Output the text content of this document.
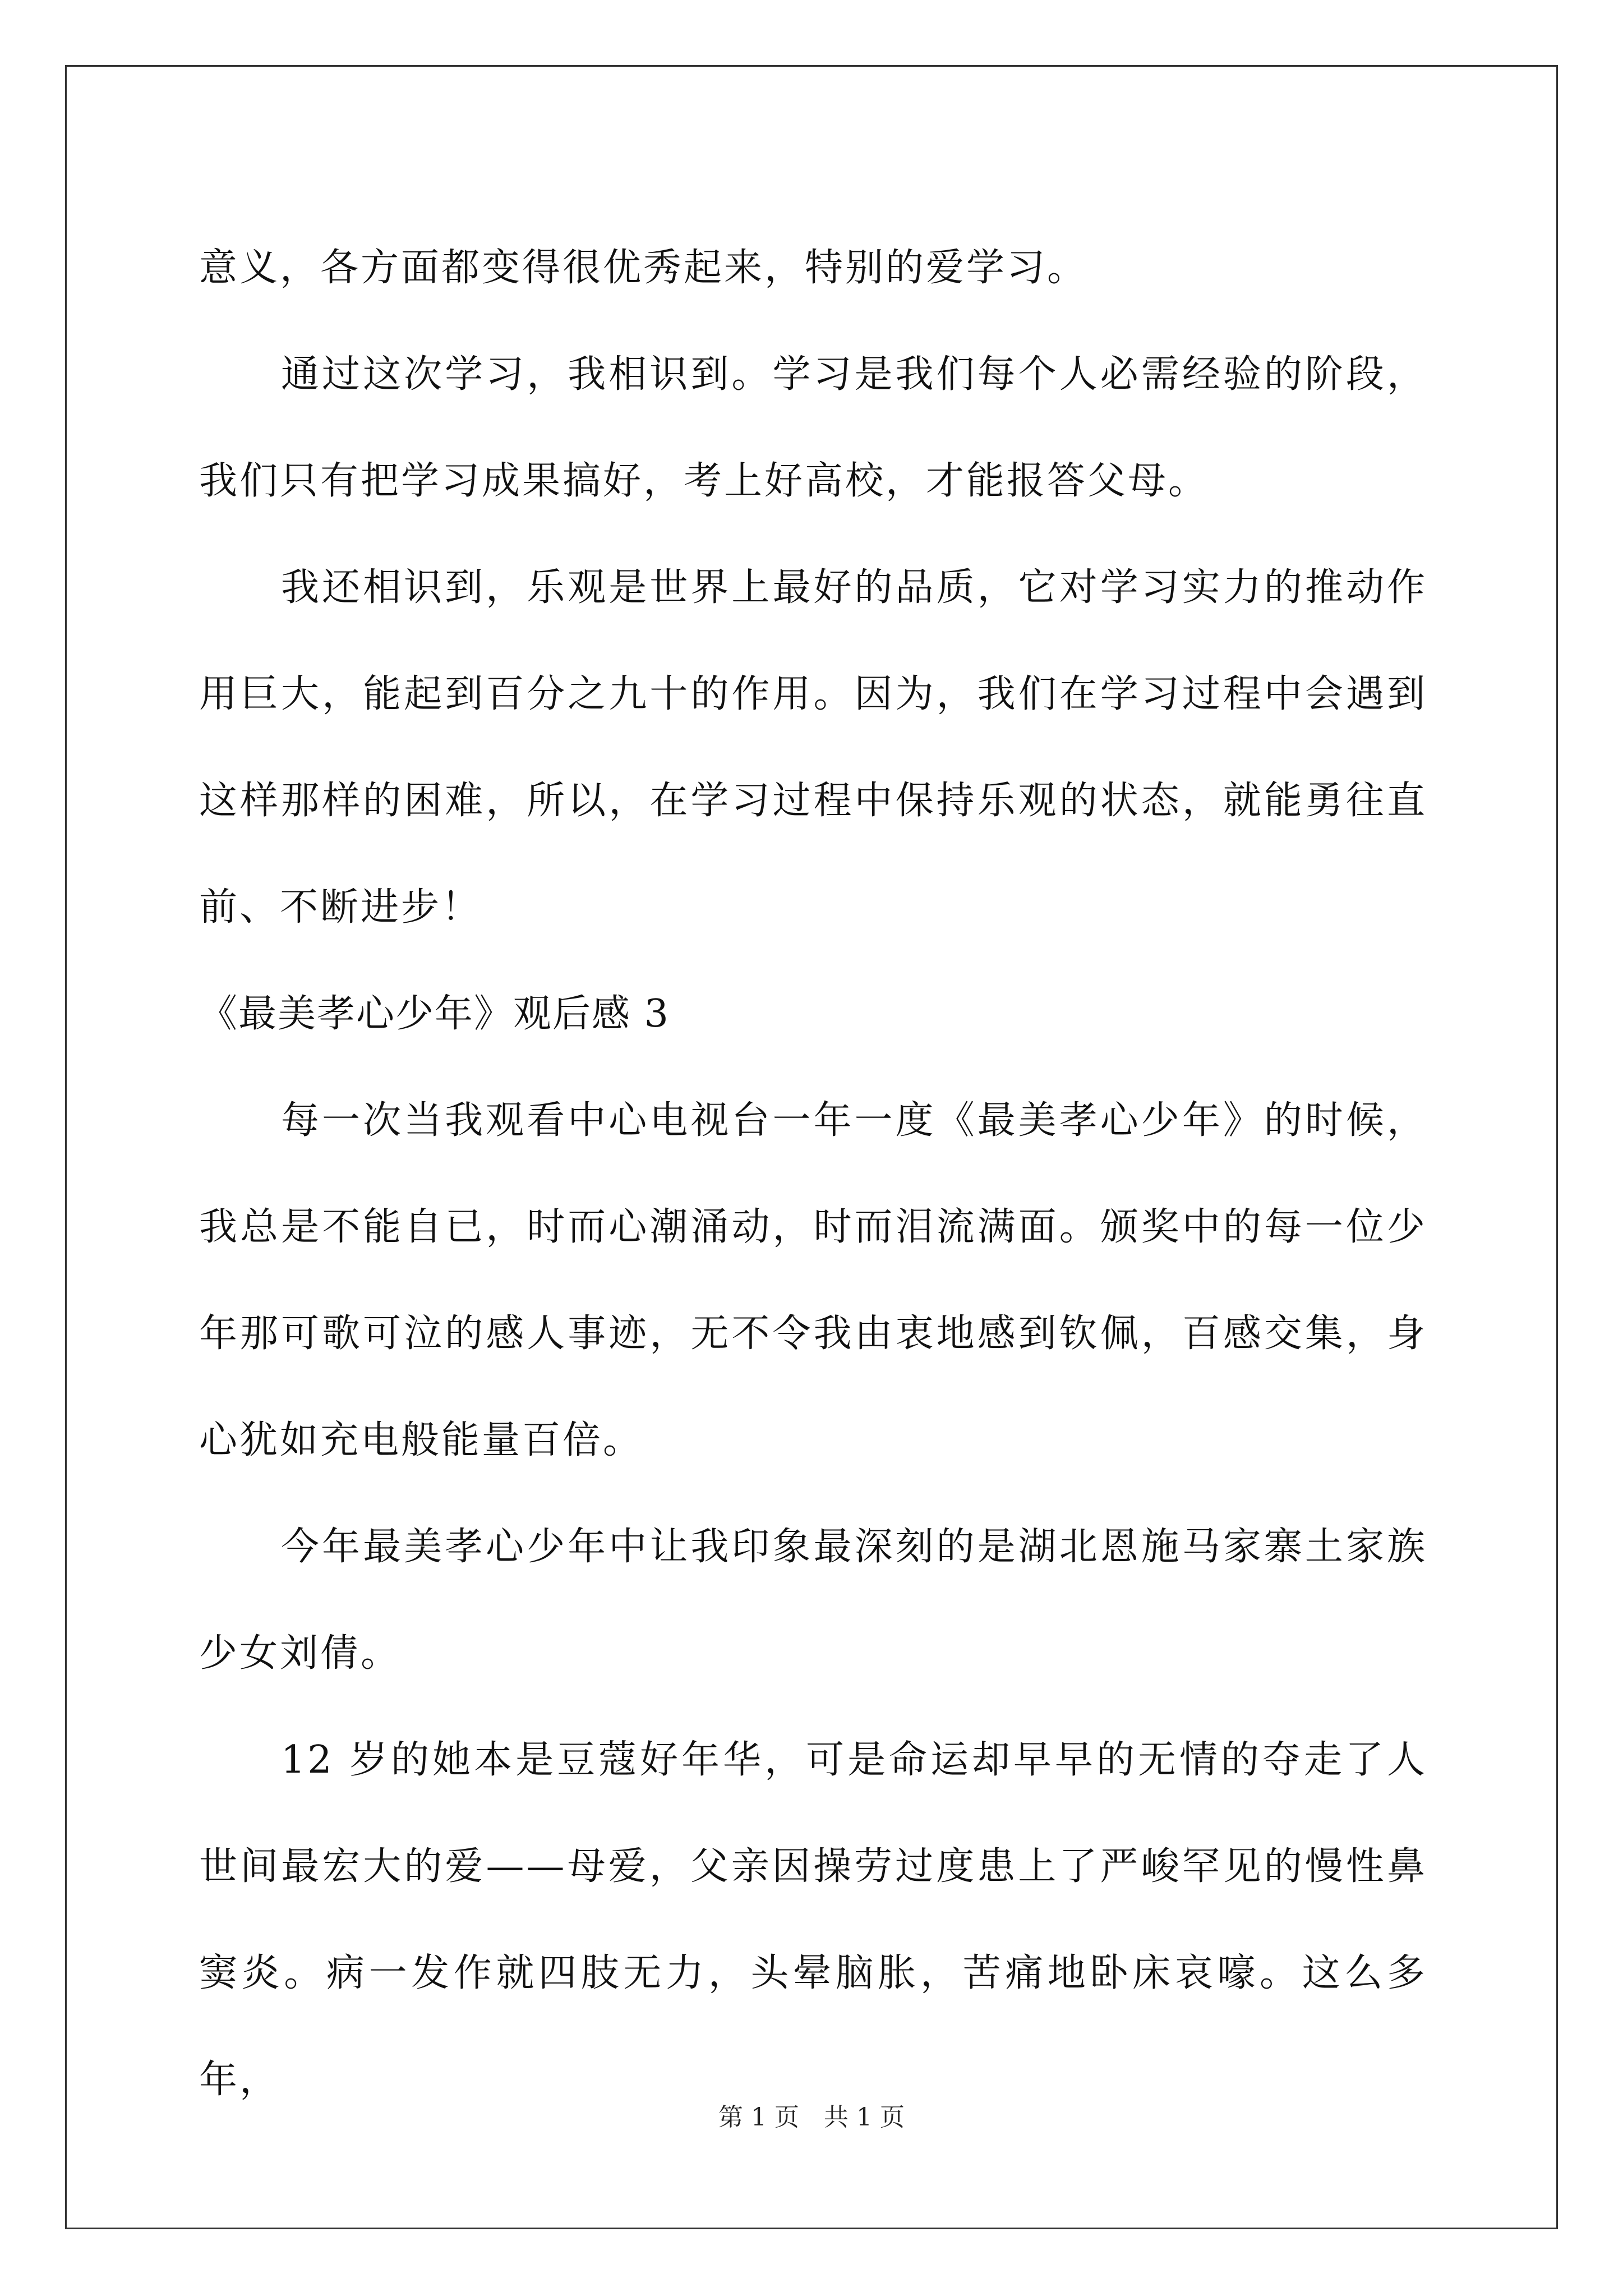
意义，各方面都变得很优秀起来，特别的爱学习。

通过这次学习，我相识到。学习是我们每个人必需经验的阶段，我们只有把学习成果搞好，考上好高校，才能报答父母。

我还相识到，乐观是世界上最好的品质，它对学习实力的推动作用巨大，能起到百分之九十的作用。因为，我们在学习过程中会遇到这样那样的困难，所以，在学习过程中保持乐观的状态，就能勇往直前、不断进步！

《最美孝心少年》观后感 3

每一次当我观看中心电视台一年一度《最美孝心少年》的时候，我总是不能自已，时而心潮涌动，时而泪流满面。颁奖中的每一位少年那可歌可泣的感人事迹，无不令我由衷地感到钦佩，百感交集，身心犹如充电般能量百倍。

今年最美孝心少年中让我印象最深刻的是湖北恩施马家寨土家族少女刘倩。

12 岁的她本是豆蔻好年华，可是命运却早早的无情的夺走了人世间最宏大的爱——母爱，父亲因操劳过度患上了严峻罕见的慢性鼻窦炎。病一发作就四肢无力，头晕脑胀，苦痛地卧床哀嚎。这么多年，

第 1 页　共 1 页
